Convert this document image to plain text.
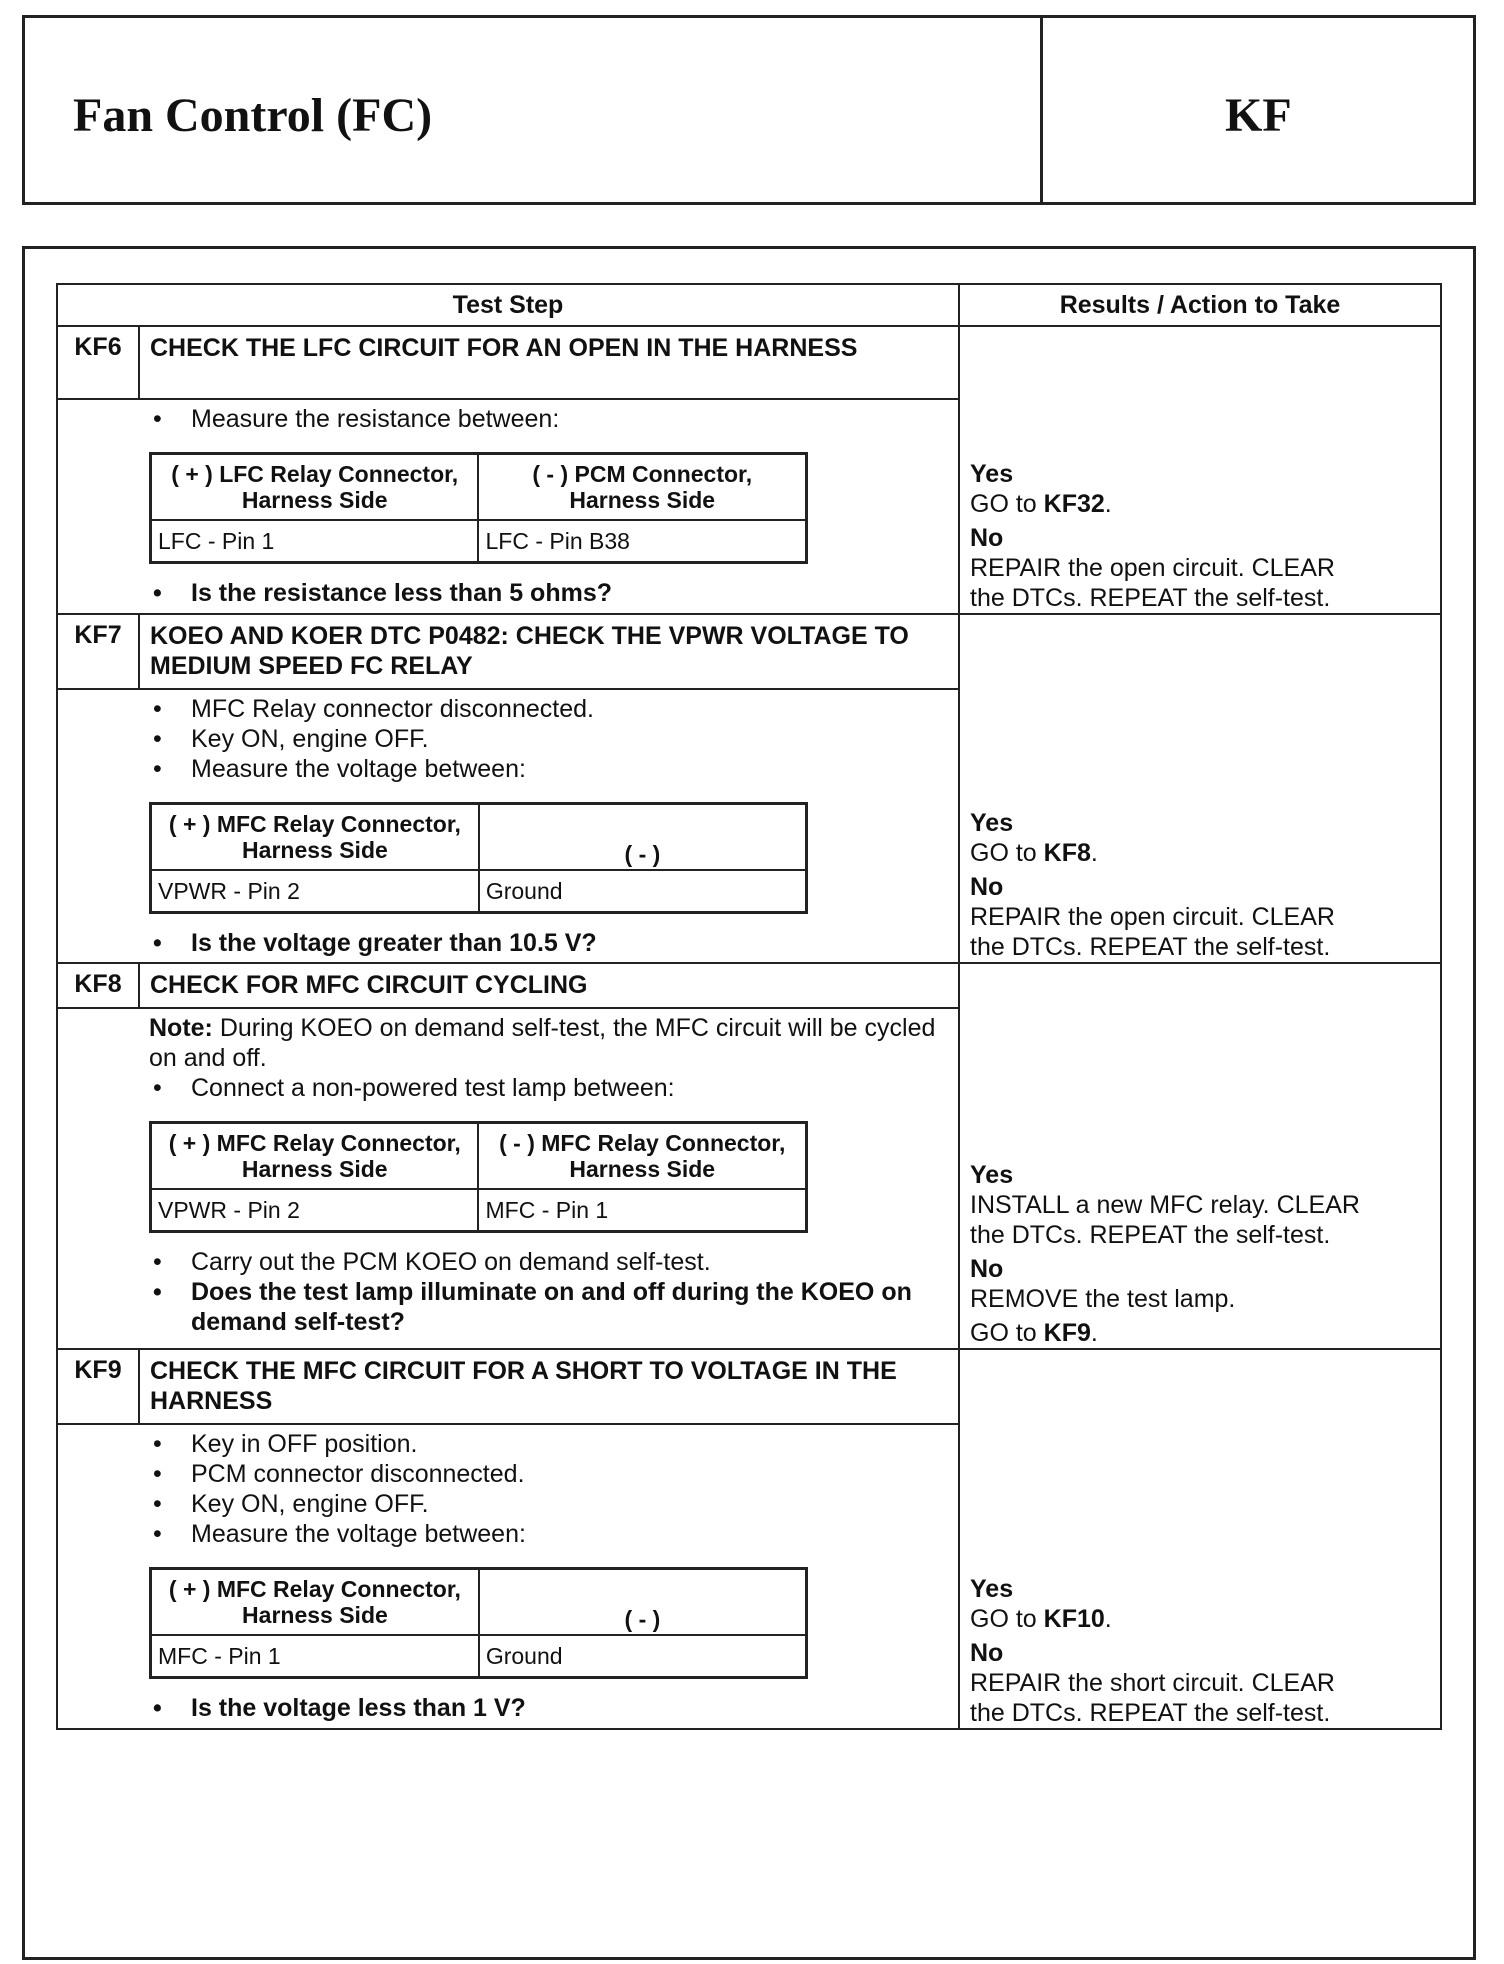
Fan Control (FC)	KF
Test Step	Results / Action to Take
KF6	CHECK THE LFC CIRCUIT FOR AN OPEN IN THE HARNESS	
Yes
GO to KF32.
No
REPAIR the open circuit. CLEAR
the DTCs. REPEAT the self-test.

• Measure the resistance between:
( + ) LFC Relay Connector, Harness Side	( - ) PCM Connector, Harness Side
LFC - Pin 1	LFC - Pin B38
• Is the resistance less than 5 ohms?

KF7	KOEO AND KOER DTC P0482: CHECK THE VPWR VOLTAGE TO MEDIUM SPEED FC RELAY	
Yes
GO to KF8.
No
REPAIR the open circuit. CLEAR
the DTCs. REPEAT the self-test.

• MFC Relay connector disconnected.
• Key ON, engine OFF.
• Measure the voltage between:
( + ) MFC Relay Connector, Harness Side	( - )
VPWR - Pin 2	Ground
• Is the voltage greater than 10.5 V?

KF8	CHECK FOR MFC CIRCUIT CYCLING	
Yes
INSTALL a new MFC relay. CLEAR
the DTCs. REPEAT the self-test.
No
REMOVE the test lamp.
GO to KF9.

Note: During KOEO on demand self-test, the MFC circuit will be cycled on and off.
• Connect a non-powered test lamp between:
( + ) MFC Relay Connector, Harness Side	( - ) MFC Relay Connector, Harness Side
VPWR - Pin 2	MFC - Pin 1
• Carry out the PCM KOEO on demand self-test.
• Does the test lamp illuminate on and off during the KOEO on demand self-test?

KF9	CHECK THE MFC CIRCUIT FOR A SHORT TO VOLTAGE IN THE HARNESS	
Yes
GO to KF10.
No
REPAIR the short circuit. CLEAR
the DTCs. REPEAT the self-test.

• Key in OFF position.
• PCM connector disconnected.
• Key ON, engine OFF.
• Measure the voltage between:
( + ) MFC Relay Connector, Harness Side	( - )
MFC - Pin 1	Ground
• Is the voltage less than 1 V?
